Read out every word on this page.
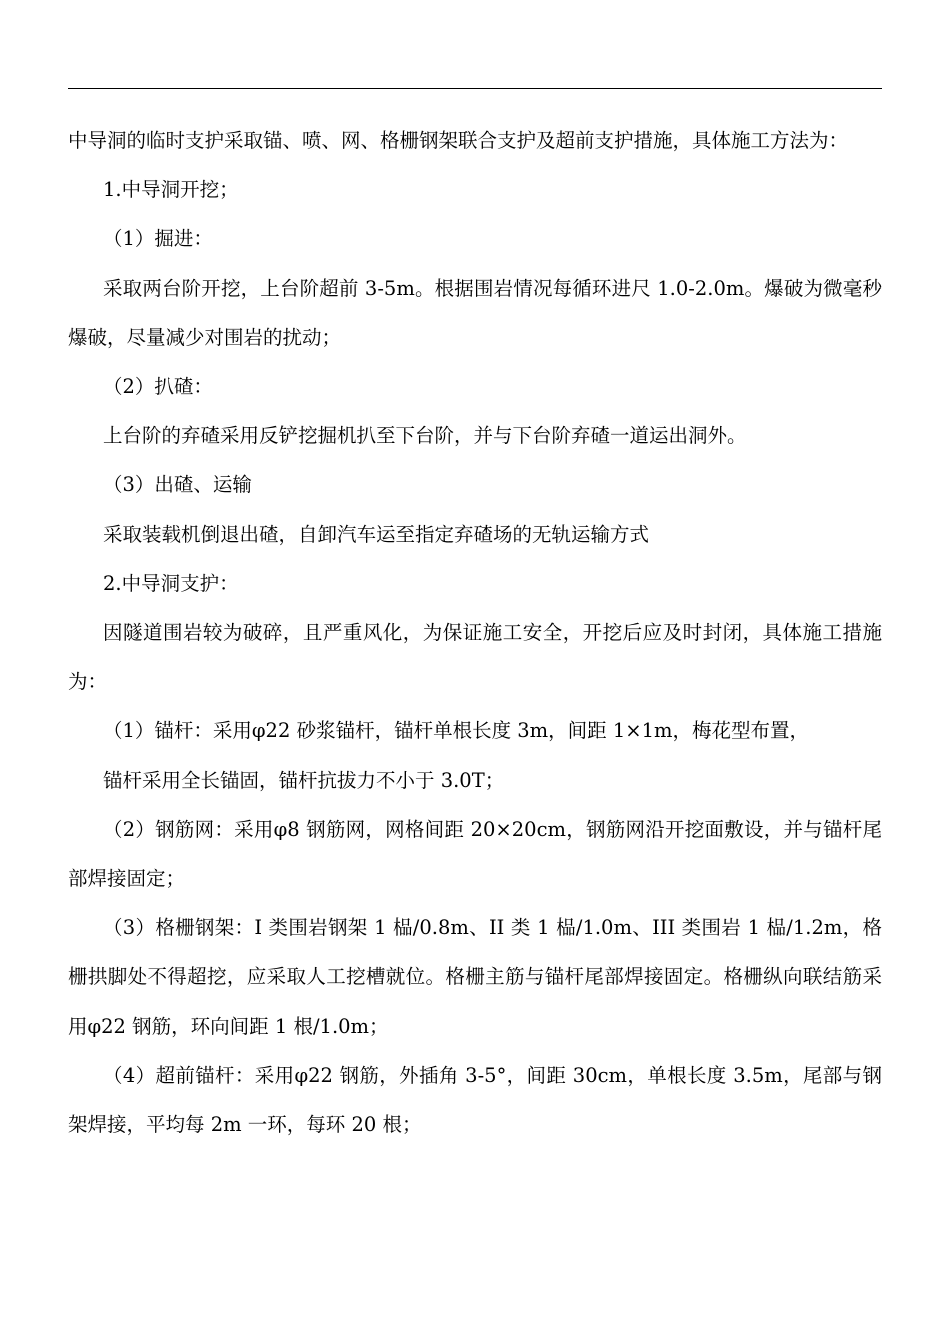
中导洞的临时支护采取锚、喷、网、格栅钢架联合支护及超前支护措施，具体施工方法为：

1.中导洞开挖；

（1）掘进：

采取两台阶开挖，上台阶超前 3-5m。根据围岩情况每循环进尺 1.0-2.0m。爆破为微毫秒爆破，尽量减少对围岩的扰动；

（2）扒碴：

上台阶的弃碴采用反铲挖掘机扒至下台阶，并与下台阶弃碴一道运出洞外。

（3）出碴、运输

采取装载机倒退出碴，自卸汽车运至指定弃碴场的无轨运输方式

2.中导洞支护：

因隧道围岩较为破碎，且严重风化，为保证施工安全，开挖后应及时封闭，具体施工措施为：

（1）锚杆：采用φ22 砂浆锚杆，锚杆单根长度 3m，间距 1×1m，梅花型布置，

锚杆采用全长锚固，锚杆抗拔力不小于 3.0T；

（2）钢筋网：采用φ8 钢筋网，网格间距 20×20cm，钢筋网沿开挖面敷设，并与锚杆尾部焊接固定；

（3）格栅钢架：I 类围岩钢架 1 榀/0.8m、II 类 1 榀/1.0m、III 类围岩 1 榀/1.2m，格栅拱脚处不得超挖，应采取人工挖槽就位。格栅主筋与锚杆尾部焊接固定。格栅纵向联结筋采用φ22 钢筋，环向间距 1 根/1.0m；

（4）超前锚杆：采用φ22 钢筋，外插角 3-5°，间距 30cm，单根长度 3.5m，尾部与钢架焊接，平均每 2m 一环，每环 20 根；
